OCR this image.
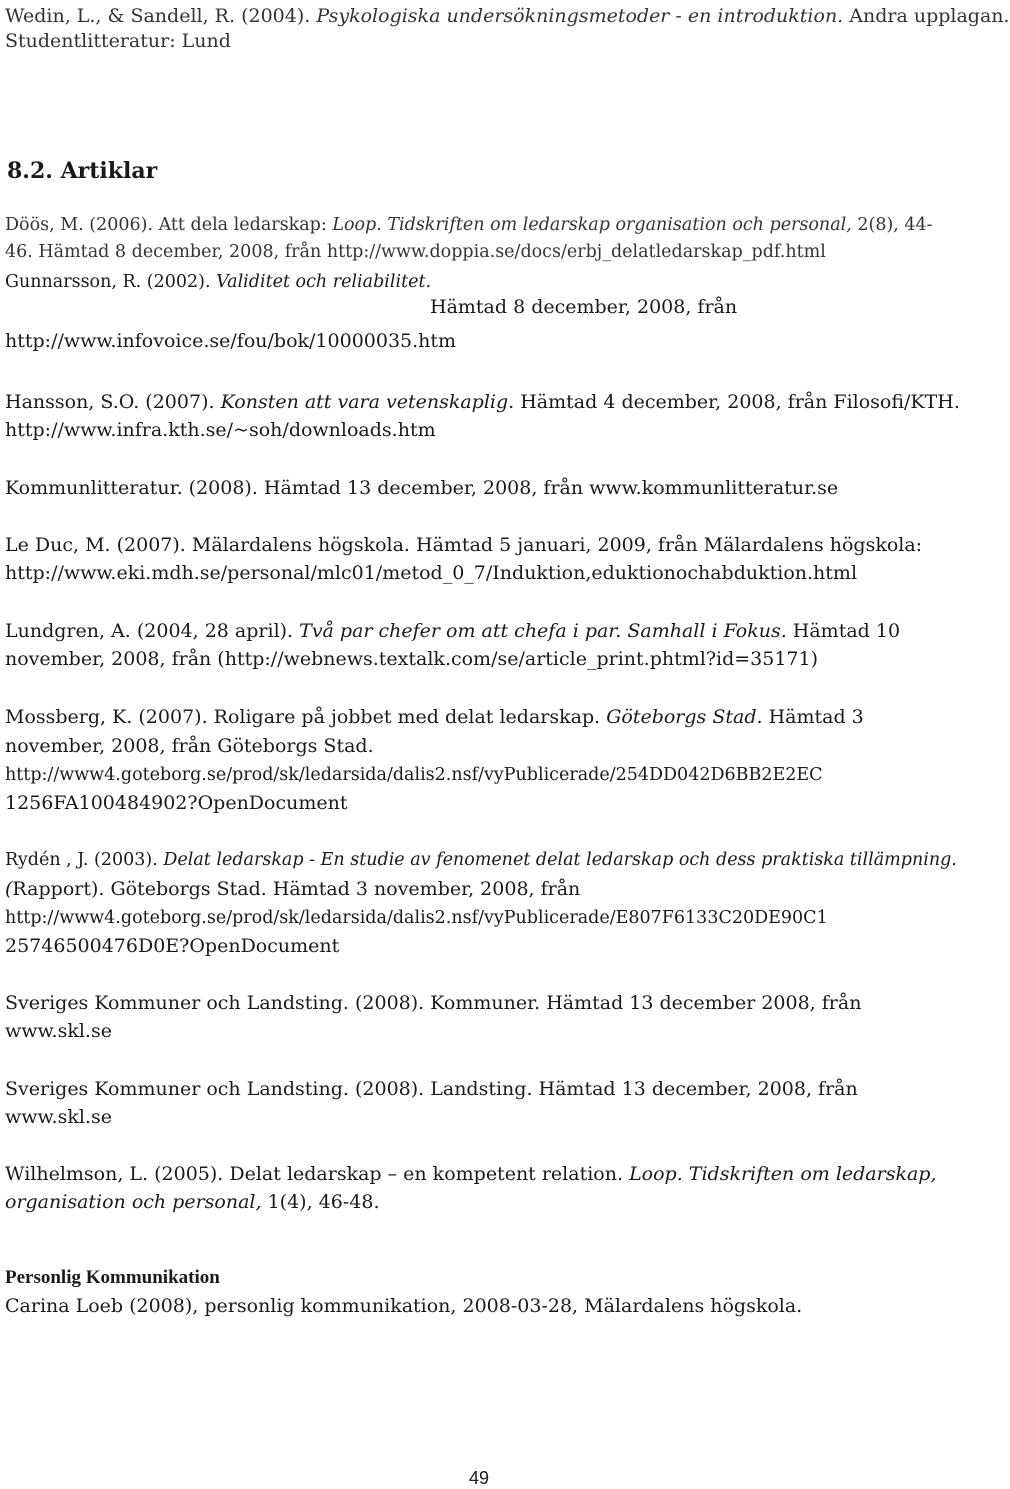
Wedin, L., & Sandell, R. (2004). Psykologiska undersökningsmetoder - en introduktion. Andra upplagan.
Studentlitteratur: Lund
8.2. Artiklar
Döös, M. (2006). Att dela ledarskap: Loop. Tidskriften om ledarskap organisation och personal, 2(8), 44-
46. Hämtad 8 december, 2008, från http://www.doppia.se/docs/erbj_delatledarskap_pdf.html
Gunnarsson, R. (2002). Validitet och reliabilitet.
Hämtad 8 december, 2008, från
http://www.infovoice.se/fou/bok/10000035.htm
Hansson, S.O. (2007). Konsten att vara vetenskaplig. Hämtad 4 december, 2008, från Filosofi/KTH.
http://www.infra.kth.se/~soh/downloads.htm
Kommunlitteratur. (2008). Hämtad 13 december, 2008, från www.kommunlitteratur.se
Le Duc, M. (2007). Mälardalens högskola. Hämtad 5 januari, 2009, från Mälardalens högskola:
http://www.eki.mdh.se/personal/mlc01/metod_0_7/Induktion,eduktionochabduktion.html
Lundgren, A. (2004, 28 april). Två par chefer om att chefa i par. Samhall i Fokus. Hämtad 10
november, 2008, från (http://webnews.textalk.com/se/article_print.phtml?id=35171)
Mossberg, K. (2007). Roligare på jobbet med delat ledarskap. Göteborgs Stad. Hämtad 3
november, 2008, från Göteborgs Stad.
http://www4.goteborg.se/prod/sk/ledarsida/dalis2.nsf/vyPublicerade/254DD042D6BB2E2EC
1256FA100484902?OpenDocument
Rydén , J. (2003). Delat ledarskap - En studie av fenomenet delat ledarskap och dess praktiska tillämpning.
(Rapport). Göteborgs Stad. Hämtad 3 november, 2008, från
http://www4.goteborg.se/prod/sk/ledarsida/dalis2.nsf/vyPublicerade/E807F6133C20DE90C1
25746500476D0E?OpenDocument
Sveriges Kommuner och Landsting. (2008). Kommuner. Hämtad 13 december 2008, från
www.skl.se
Sveriges Kommuner och Landsting. (2008). Landsting. Hämtad 13 december, 2008, från
www.skl.se
Wilhelmson, L. (2005). Delat ledarskap – en kompetent relation. Loop. Tidskriften om ledarskap,
organisation och personal, 1(4), 46-48.
Personlig Kommunikation
Carina Loeb (2008), personlig kommunikation, 2008-03-28, Mälardalens högskola.
49
